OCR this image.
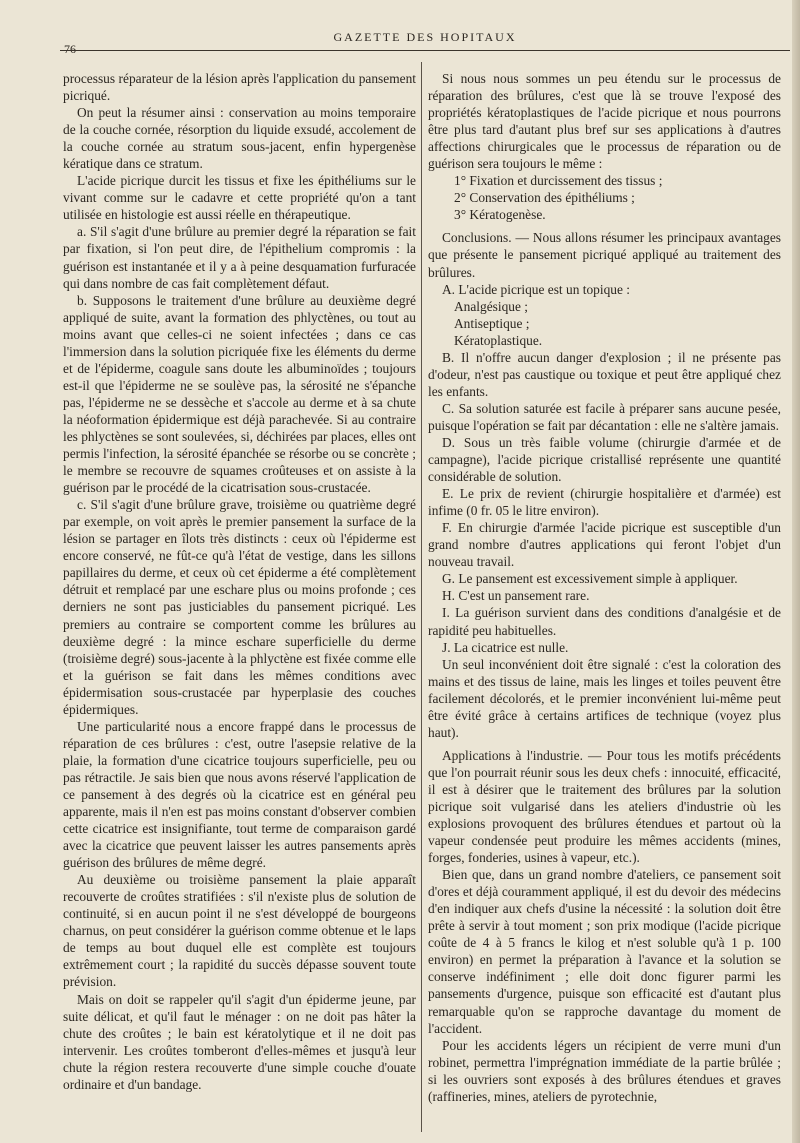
76
GAZETTE DES HOPITAUX

processus réparateur de la lésion après l'application du pansement picriqué.

On peut la résumer ainsi : conservation au moins temporaire de la couche cornée, résorption du liquide exsudé, accolement de la couche cornée au stratum sous-jacent, enfin hypergenèse kératique dans ce stratum.

L'acide picrique durcit les tissus et fixe les épithéliums sur le vivant comme sur le cadavre et cette propriété qu'on a tant utilisée en histologie est aussi réelle en thérapeutique.

a. S'il s'agit d'une brûlure au premier degré la réparation se fait par fixation, si l'on peut dire, de l'épithelium compromis : la guérison est instantanée et il y a à peine desquamation furfuracée qui dans nombre de cas fait complètement défaut.

b. Supposons le traitement d'une brûlure au deuxième degré appliqué de suite, avant la formation des phlyctènes, ou tout au moins avant que celles-ci ne soient infectées ; dans ce cas l'immersion dans la solution picriquée fixe les éléments du derme et de l'épiderme, coagule sans doute les albuminoïdes ; toujours est-il que l'épiderme ne se soulève pas, la sérosité ne s'épanche pas, l'épiderme ne se dessèche et s'accole au derme et à sa chute la néoformation épidermique est déjà parachevée. Si au contraire les phlyctènes se sont soulevées, si, déchirées par places, elles ont permis l'infection, la sérosité épanchée se résorbe ou se concrète ; le membre se recouvre de squames croûteuses et on assiste à la guérison par le procédé de la cicatrisation sous-crustacée.

c. S'il s'agit d'une brûlure grave, troisième ou quatrième degré par exemple, on voit après le premier pansement la surface de la lésion se partager en îlots très distincts : ceux où l'épiderme est encore conservé, ne fût-ce qu'à l'état de vestige, dans les sillons papillaires du derme, et ceux où cet épiderme a été complètement détruit et remplacé par une eschare plus ou moins profonde ; ces derniers ne sont pas justiciables du pansement picriqué. Les premiers au contraire se comportent comme les brûlures au deuxième degré : la mince eschare superficielle du derme (troisième degré) sous-jacente à la phlyctène est fixée comme elle et la guérison se fait dans les mêmes conditions avec épidermisation sous-crustacée par hyperplasie des couches épidermiques.

Une particularité nous a encore frappé dans le processus de réparation de ces brûlures : c'est, outre l'asepsie relative de la plaie, la formation d'une cicatrice toujours superficielle, peu ou pas rétractile. Je sais bien que nous avons réservé l'application de ce pansement à des degrés où la cicatrice est en général peu apparente, mais il n'en est pas moins constant d'observer combien cette cicatrice est insignifiante, tout terme de comparaison gardé avec la cicatrice que peuvent laisser les autres pansements après guérison des brûlures de même degré.

Au deuxième ou troisième pansement la plaie apparaît recouverte de croûtes stratifiées : s'il n'existe plus de solution de continuité, si en aucun point il ne s'est développé de bourgeons charnus, on peut considérer la guérison comme obtenue et le laps de temps au bout duquel elle est complète est toujours extrêmement court ; la rapidité du succès dépasse souvent toute prévision.

Mais on doit se rappeler qu'il s'agit d'un épiderme jeune, par suite délicat, et qu'il faut le ménager : on ne doit pas hâter la chute des croûtes ; le bain est kératolytique et il ne doit pas intervenir. Les croûtes tomberont d'elles-mêmes et jusqu'à leur chute la région restera recouverte d'une simple couche d'ouate ordinaire et d'un bandage.

Si nous nous sommes un peu étendu sur le processus de réparation des brûlures, c'est que là se trouve l'exposé des propriétés kératoplastiques de l'acide picrique et nous pourrons être plus tard d'autant plus bref sur ses applications à d'autres affections chirurgicales que le processus de réparation ou de guérison sera toujours le même :

1° Fixation et durcissement des tissus ;

2° Conservation des épithéliums ;

3° Kératogenèse.

Conclusions. — Nous allons résumer les principaux avantages que présente le pansement picriqué appliqué au traitement des brûlures.

A. L'acide picrique est un topique :

Analgésique ;

Antiseptique ;

Kératoplastique.

B. Il n'offre aucun danger d'explosion ; il ne présente pas d'odeur, n'est pas caustique ou toxique et peut être appliqué chez les enfants.

C. Sa solution saturée est facile à préparer sans aucune pesée, puisque l'opération se fait par décantation : elle ne s'altère jamais.

D. Sous un très faible volume (chirurgie d'armée et de campagne), l'acide picrique cristallisé représente une quantité considérable de solution.

E. Le prix de revient (chirurgie hospitalière et d'armée) est infime (0 fr. 05 le litre environ).

F. En chirurgie d'armée l'acide picrique est susceptible d'un grand nombre d'autres applications qui feront l'objet d'un nouveau travail.

G. Le pansement est excessivement simple à appliquer.

H. C'est un pansement rare.

I. La guérison survient dans des conditions d'analgésie et de rapidité peu habituelles.

J. La cicatrice est nulle.

Un seul inconvénient doit être signalé : c'est la coloration des mains et des tissus de laine, mais les linges et toiles peuvent être facilement décolorés, et le premier inconvénient lui-même peut être évité grâce à certains artifices de technique (voyez plus haut).

Applications à l'industrie. — Pour tous les motifs précédents que l'on pourrait réunir sous les deux chefs : innocuité, efficacité, il est à désirer que le traitement des brûlures par la solution picrique soit vulgarisé dans les ateliers d'industrie où les explosions provoquent des brûlures étendues et partout où la vapeur condensée peut produire les mêmes accidents (mines, forges, fonderies, usines à vapeur, etc.).

Bien que, dans un grand nombre d'ateliers, ce pansement soit d'ores et déjà couramment appliqué, il est du devoir des médecins d'en indiquer aux chefs d'usine la nécessité : la solution doit être prête à servir à tout moment ; son prix modique (l'acide picrique coûte de 4 à 5 francs le kilog et n'est soluble qu'à 1 p. 100 environ) en permet la préparation à l'avance et la solution se conserve indéfiniment ; elle doit donc figurer parmi les pansements d'urgence, puisque son efficacité est d'autant plus remarquable qu'on se rapproche davantage du moment de l'accident.

Pour les accidents légers un récipient de verre muni d'un robinet, permettra l'imprégnation immédiate de la partie brûlée ; si les ouvriers sont exposés à des brûlures étendues et graves (raffineries, mines, ateliers de pyrotechnie,
